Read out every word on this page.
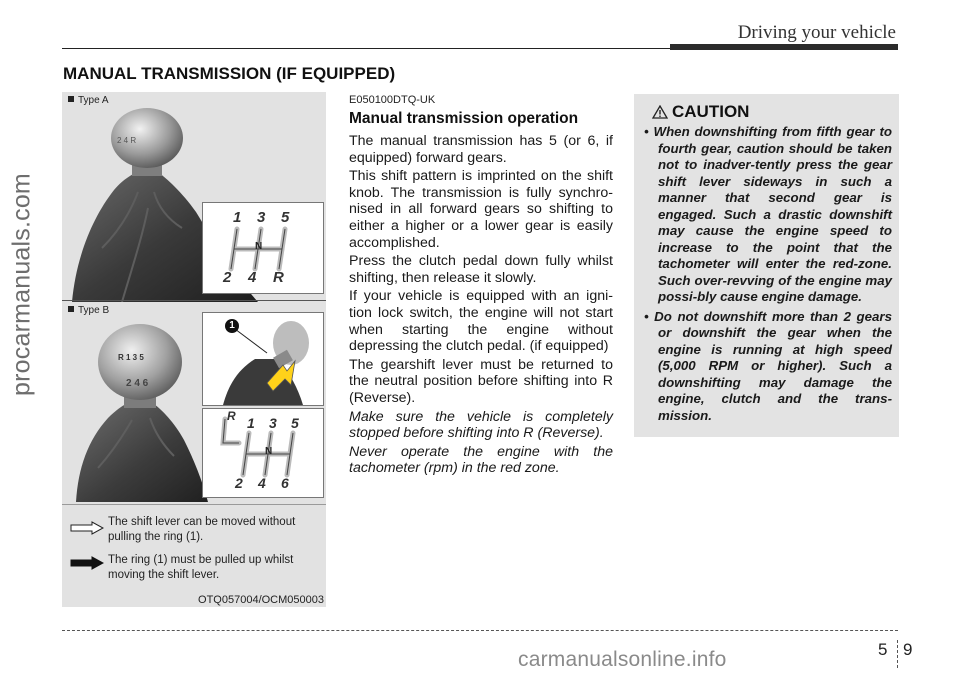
Driving your vehicle
procarmanuals.com
MANUAL TRANSMISSION (IF EQUIPPED)
Type A
2 4 R
1 3 5
2 4 R
N
Type B
R 1 3 5
2 4 6
1
R 1 3 5
2 4 6
N
The shift lever can be moved without pulling the ring (1).
The ring (1) must be pulled up whilst moving the shift lever.
OTQ057004/OCM050003
E050100DTQ-UK
Manual transmission operation

The manual transmission has 5 (or 6, if equipped) forward gears.

This shift pattern is imprinted on the shift knob. The transmission is fully synchro-nised in all forward gears so shifting to either a higher or a lower gear is easily accomplished.

Press the clutch pedal down fully whilst shifting, then release it slowly.

If your vehicle is equipped with an igni-tion lock switch, the engine will not start when starting the engine without depressing the clutch pedal. (if equipped)

The gearshift lever must be returned to the neutral position before shifting into R (Reverse).

Make sure the vehicle is completely stopped before shifting into R (Reverse).

Never operate the engine with the tachometer (rpm) in the red zone.

CAUTION

• When downshifting from fifth gear to fourth gear, caution should be taken not to inadver-tently press the gear shift lever sideways in such a manner that second gear is engaged. Such a drastic downshift may cause the engine speed to increase to the point that the tachometer will enter the red-zone. Such over-revving of the engine may possi-bly cause engine damage.

• Do not downshift more than 2 gears or downshift the gear when the engine is running at high speed (5,000 RPM or higher). Such a downshifting may damage the engine, clutch and the trans-mission.

5 9
carmanualsonline.info
